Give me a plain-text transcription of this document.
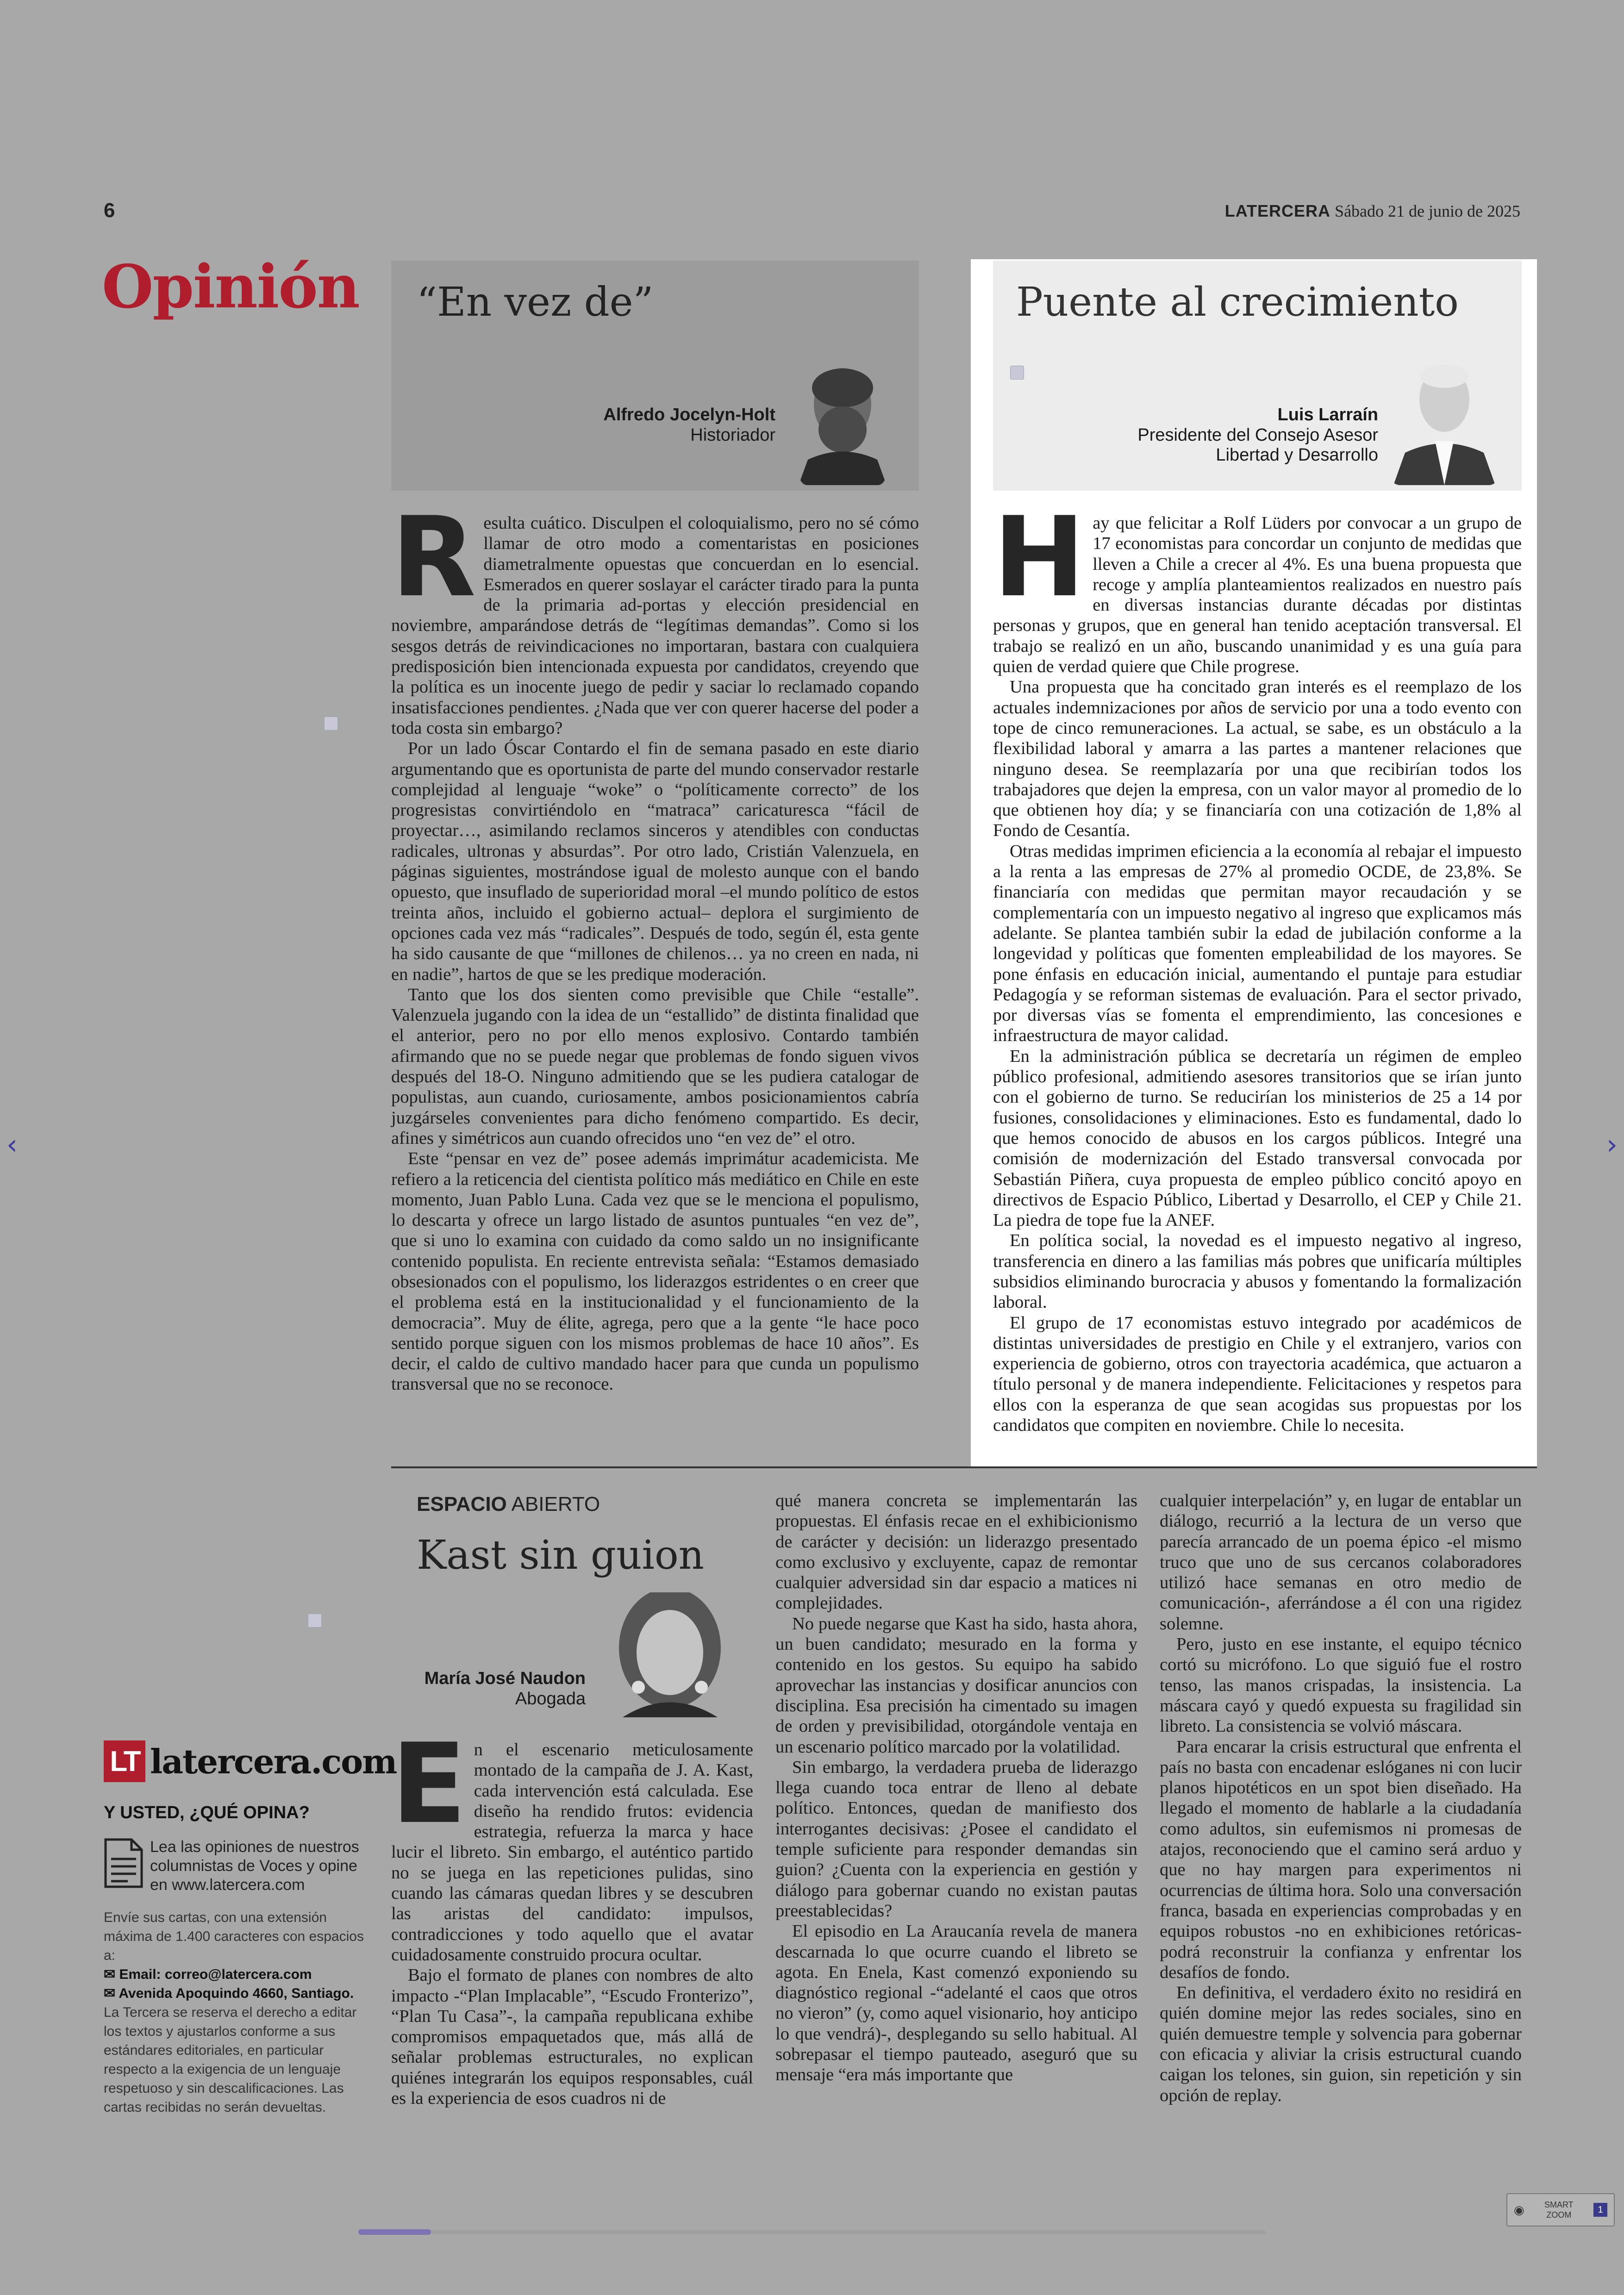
6	LATERCERA Sábado 21 de junio de 2025
Opinión “En vez de”
Alfredo Jocelyn-Holt
Historiador
Puente al crecimiento
Luis Larraín
Presidente del Consejo Asesor
Libertad y Desarrollo
R esulta cuático. Disculpen el coloquialismo, pero no sé cómo llamar de otro modo a comentaristas en posiciones diametralmente opuestas que concuerdan en lo esencial. Esmerados en querer soslayar el carácter tirado para la punta de la primaria ad-portas y elección presidencial en noviembre, amparándose detrás de “legítimas demandas”. Como si los sesgos detrás de reivindicaciones no importaran, bastara con cualquiera predisposición bien intencionada expuesta por candidatos, creyendo que la política es un inocente juego de pedir y saciar lo reclamado copando insatisfacciones pendientes. ¿Nada que ver con querer hacerse del poder a toda costa sin embargo?

Por un lado Óscar Contardo el fin de semana pasado en este diario argumentando que es oportunista de parte del mundo conservador restarle complejidad al lenguaje “woke” o “políticamente correcto” de los progresistas convirtiéndolo en “matraca” caricaturesca “fácil de proyectar…, asimilando reclamos sinceros y atendibles con conductas radicales, ultronas y absurdas”. Por otro lado, Cristián Valenzuela, en páginas siguientes, mostrándose igual de molesto aunque con el bando opuesto, que insuflado de superioridad moral –el mundo político de estos treinta años, incluido el gobierno actual– deplora el surgimiento de opciones cada vez más “radicales”. Después de todo, según él, esta gente ha sido causante de que “millones de chilenos… ya no creen en nada, ni en nadie”, hartos de que se les predique moderación.

Tanto que los dos sienten como previsible que Chile “estalle”. Valenzuela jugando con la idea de un “estallido” de distinta finalidad que el anterior, pero no por ello menos explosivo. Contardo también afirmando que no se puede negar que problemas de fondo siguen vivos después del 18-O. Ninguno admitiendo que se les pudiera catalogar de populistas, aun cuando, curiosamente, ambos posicionamientos cabría juzgárseles convenientes para dicho fenómeno compartido. Es decir, afines y simétricos aun cuando ofrecidos uno “en vez de” el otro.

Este “pensar en vez de” posee además imprimátur academicista. Me refiero a la reticencia del cientista político más mediático en Chile en este momento, Juan Pablo Luna. Cada vez que se le menciona el populismo, lo descarta y ofrece un largo listado de asuntos puntuales “en vez de”, que si uno lo examina con cuidado da como saldo un no insignificante contenido populista. En reciente entrevista señala: “Estamos demasiado obsesionados con el populismo, los liderazgos estridentes o en creer que el problema está en la institucionalidad y el funcionamiento de la democracia”. Muy de élite, agrega, pero que a la gente “le hace poco sentido porque siguen con los mismos problemas de hace 10 años”. Es decir, el caldo de cultivo mandado hacer para que cunda un populismo transversal que no se reconoce.

H ay que felicitar a Rolf Lüders por convocar a un grupo de 17 economistas para concordar un conjunto de medidas que lleven a Chile a crecer al 4%. Es una buena propuesta que recoge y amplía planteamientos realizados en nuestro país en diversas instancias durante décadas por distintas personas y grupos, que en general han tenido aceptación transversal. El trabajo se realizó en un año, buscando unanimidad y es una guía para quien de verdad quiere que Chile progrese.

Una propuesta que ha concitado gran interés es el reemplazo de los actuales indemnizaciones por años de servicio por una a todo evento con tope de cinco remuneraciones. La actual, se sabe, es un obstáculo a la flexibilidad laboral y amarra a las partes a mantener relaciones que ninguno desea. Se reemplazaría por una que recibirían todos los trabajadores que dejen la empresa, con un valor mayor al promedio de lo que obtienen hoy día; y se financiaría con una cotización de 1,8% al Fondo de Cesantía.

Otras medidas imprimen eficiencia a la economía al rebajar el impuesto a la renta a las empresas de 27% al promedio OCDE, de 23,8%. Se financiaría con medidas que permitan mayor recaudación y se complementaría con un impuesto negativo al ingreso que explicamos más adelante. Se plantea también subir la edad de jubilación conforme a la longevidad y políticas que fomenten empleabilidad de los mayores. Se pone énfasis en educación inicial, aumentando el puntaje para estudiar Pedagogía y se reforman sistemas de evaluación. Para el sector privado, por diversas vías se fomenta el emprendimiento, las concesiones e infraestructura de mayor calidad.

En la administración pública se decretaría un régimen de empleo público profesional, admitiendo asesores transitorios que se irían junto con el gobierno de turno. Se reducirían los ministerios de 25 a 14 por fusiones, consolidaciones y eliminaciones. Esto es fundamental, dado lo que hemos conocido de abusos en los cargos públicos. Integré una comisión de modernización del Estado transversal convocada por Sebastián Piñera, cuya propuesta de empleo público concitó apoyo en directivos de Espacio Público, Libertad y Desarrollo, el CEP y Chile 21. La piedra de tope fue la ANEF.

En política social, la novedad es el impuesto negativo al ingreso, transferencia en dinero a las familias más pobres que unificaría múltiples subsidios eliminando burocracia y abusos y fomentando la formalización laboral.

El grupo de 17 economistas estuvo integrado por académicos de distintas universidades de prestigio en Chile y el extranjero, varios con experiencia de gobierno, otros con trayectoria académica, que actuaron a título personal y de manera independiente. Felicitaciones y respetos para ellos con la esperanza de que sean acogidas sus propuestas por los candidatos que compiten en noviembre. Chile lo necesita.

ESPACIO ABIERTO
Kast sin guion
María José Naudon
Abogada
E n el escenario meticulosamente montado de la campaña de J. A. Kast, cada intervención está calculada. Ese diseño ha rendido frutos: evidencia estrategia, refuerza la marca y hace lucir el libreto. Sin embargo, el auténtico partido no se juega en las repeticiones pulidas, sino cuando las cámaras quedan libres y se descubren las aristas del candidato: impulsos, contradicciones y todo aquello que el avatar cuidadosamente construido procura ocultar.

Bajo el formato de planes con nombres de alto impacto -“Plan Implacable”, “Escudo Fronterizo”, “Plan Tu Casa”-, la campaña republicana exhibe compromisos empaquetados que, más allá de señalar problemas estructurales, no explican quiénes integrarán los equipos responsables, cuál es la experiencia de esos cuadros ni de

qué manera concreta se implementarán las propuestas. El énfasis recae en el exhibicionismo de carácter y decisión: un liderazgo presentado como exclusivo y excluyente, capaz de remontar cualquier adversidad sin dar espacio a matices ni complejidades.

No puede negarse que Kast ha sido, hasta ahora, un buen candidato; mesurado en la forma y contenido en los gestos. Su equipo ha sabido aprovechar las instancias y dosificar anuncios con disciplina. Esa precisión ha cimentado su imagen de orden y previsibilidad, otorgándole ventaja en un escenario político marcado por la volatilidad.

Sin embargo, la verdadera prueba de liderazgo llega cuando toca entrar de lleno al debate político. Entonces, quedan de manifiesto dos interrogantes decisivas: ¿Posee el candidato el temple suficiente para responder demandas sin guion? ¿Cuenta con la experiencia en gestión y diálogo para gobernar cuando no existan pautas preestablecidas?

El episodio en La Araucanía revela de manera descarnada lo que ocurre cuando el libreto se agota. En Enela, Kast comenzó exponiendo su diagnóstico regional -“adelanté el caos que otros no vieron” (y, como aquel visionario, hoy anticipo lo que vendrá)-, desplegando su sello habitual. Al sobrepasar el tiempo pauteado, aseguró que su mensaje “era más importante que

cualquier interpelación” y, en lugar de entablar un diálogo, recurrió a la lectura de un verso que parecía arrancado de un poema épico -el mismo truco que uno de sus cercanos colaboradores utilizó hace semanas en otro medio de comunicación-, aferrándose a él con una rigidez solemne.

Pero, justo en ese instante, el equipo técnico cortó su micrófono. Lo que siguió fue el rostro tenso, las manos crispadas, la insistencia. La máscara cayó y quedó expuesta su fragilidad sin libreto. La consistencia se volvió máscara.

Para encarar la crisis estructural que enfrenta el país no basta con encadenar eslóganes ni con lucir planos hipotéticos en un spot bien diseñado. Ha llegado el momento de hablarle a la ciudadanía como adultos, sin eufemismos ni promesas de atajos, reconociendo que el camino será arduo y que no hay margen para experimentos ni ocurrencias de última hora. Solo una conversación franca, basada en experiencias comprobadas y en equipos robustos -no en exhibiciones retóricas- podrá reconstruir la confianza y enfrentar los desafíos de fondo.

En definitiva, el verdadero éxito no residirá en quién domine mejor las redes sociales, sino en quién demuestre temple y solvencia para gobernar con eficacia y aliviar la crisis estructural cuando caigan los telones, sin guion, sin repetición y sin opción de replay.

LT latercera.com
Y USTED, ¿QUÉ OPINA?
Lea las opiniones de nuestros columnistas de Voces y opine en www.latercera.com
Envíe sus cartas, con una extensión máxima de 1.400 caracteres con espacios a:
✉ Email: correo@latercera.com
✉ Avenida Apoquindo 4660, Santiago.
La Tercera se reserva el derecho a editar los textos y ajustarlos conforme a sus estándares editoriales, en particular respecto a la exigencia de un lenguaje respetuoso y sin descalificaciones. Las cartas recibidas no serán devueltas.
‹	›
◉ SMART
ZOOM
1
